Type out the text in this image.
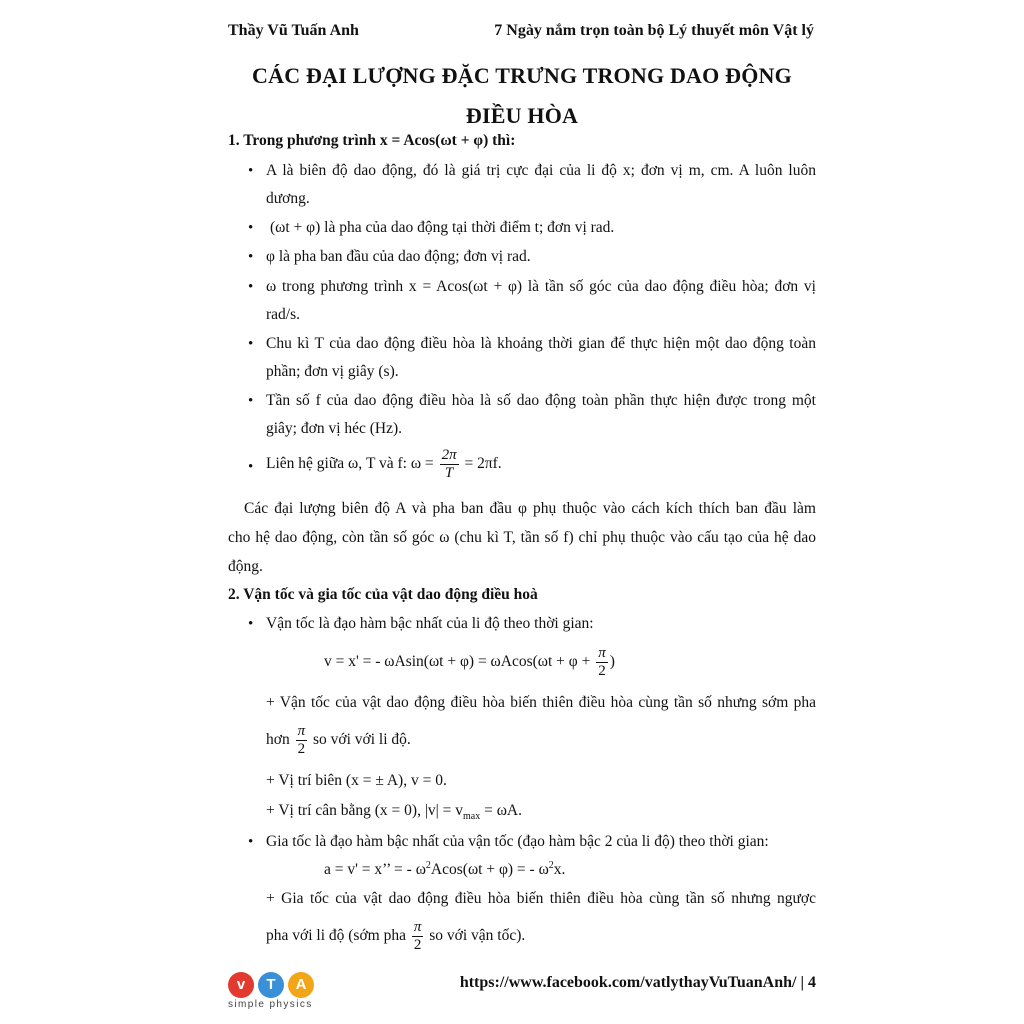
Thầy Vũ Tuấn Anh	7 Ngày nắm trọn toàn bộ Lý thuyết môn Vật lý
CÁC ĐẠI LƯỢNG ĐẶC TRƯNG TRONG DAO ĐỘNG ĐIỀU HÒA
1. Trong phương trình x = Acos(ωt + φ) thì:
• A là biên độ dao động, đó là giá trị cực đại của li độ x; đơn vị m, cm. A luôn luôn
dương.
• (ωt + φ) là pha của dao động tại thời điểm t; đơn vị rad.
• φ là pha ban đầu của dao động; đơn vị rad.
• ω trong phương trình x = Acos(ωt + φ) là tần số góc của dao động điều hòa; đơn vị
rad/s.
• Chu kì T của dao động điều hòa là khoảng thời gian để thực hiện một dao động toàn
phần; đơn vị giây (s).
• Tần số f của dao động điều hòa là số dao động toàn phần thực hiện được trong một
giây; đơn vị héc (Hz).
• Liên hệ giữa ω, T và f: $\omega = \frac{2\pi}{T} = 2\pi f$.
Các đại lượng biên độ A và pha ban đầu φ phụ thuộc vào cách kích thích ban đầu làm
cho hệ dao động, còn tần số góc ω (chu kì T, tần số f) chỉ phụ thuộc vào cấu tạo của hệ dao
động.
2. Vận tốc và gia tốc của vật dao động điều hoà
• Vận tốc là đạo hàm bậc nhất của li độ theo thời gian:
v = x' = - $\omega Asin(\omega t + \varphi) = \omega Acos(\omega t + \varphi + \frac{\pi}{2}$ )
+ Vận tốc của vật dao động điều hòa biến thiên điều hòa cùng tần số nhưng sớm pha
hơn $\frac{\pi}{2}$ so với với li độ.
+ Vị trí biên (x = ± A), v = 0.
+ Vị trí cân bằng (x = 0), $|v| = v_{max} = \omega A$.
• Gia tốc là đạo hàm bậc nhất của vận tốc (đạo hàm bậc 2 của li độ) theo thời gian:
a = v' = x’’ = - $\omega^2Acos(\omega t + \varphi)$ = - $\omega^2x$.
+ Gia tốc của vật dao động điều hòa biến thiên điều hòa cùng tần số nhưng ngược
pha với li độ (sớm pha $\frac{\pi}{2}$ so với vận tốc).
v	T	A
simple physics
https://www.facebook.com/vatlythayVuTuanAnh/ | 4
